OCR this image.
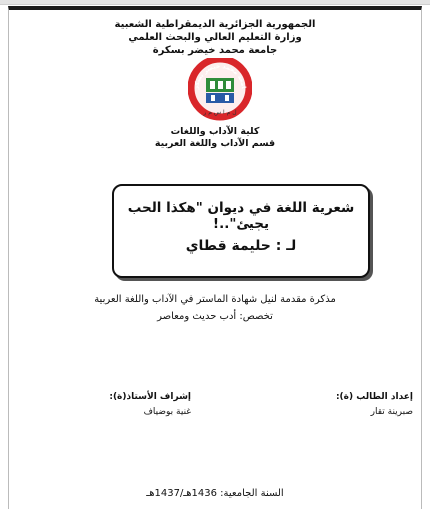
الجمهورية الجزائرية الديمقراطية الشعبية
وزارة التعليم العالي والبحث العلمي
جامعة محمد خيضر بسكرة
امعة محمد خيضر بسكر
ل م ا س م ر
كلية الآداب واللغات
قسم الآداب واللغة العربية
شعرية اللغة في ديوان "هكذا الحب يجيئ"..!
لـ : حليمة قطاي
مذكرة مقدمة لنيل شهادة الماستر في الآداب واللغة العربية
تخصص: أدب حديث ومعاصر
إعداد الطالب (ة):
صبرينة تقار
إشراف الأستاذ(ة):
غنية بوضياف
السنة الجامعية: 1436هـ/1437هـ
